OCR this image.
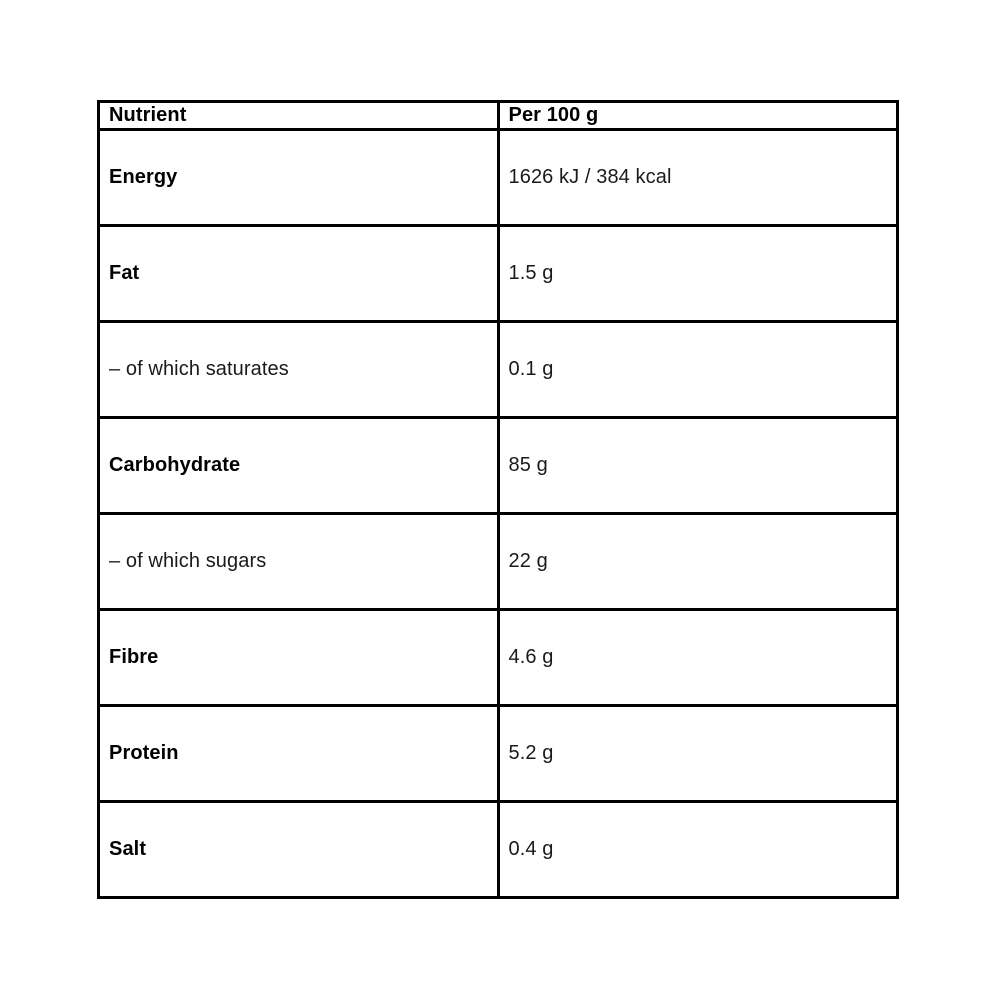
Nutrient	Per 100 g
Energy	1626 kJ / 384 kcal
Fat	1.5 g
– of which saturates	0.1 g
Carbohydrate	85 g
– of which sugars	22 g
Fibre	4.6 g
Protein	5.2 g
Salt	0.4 g
